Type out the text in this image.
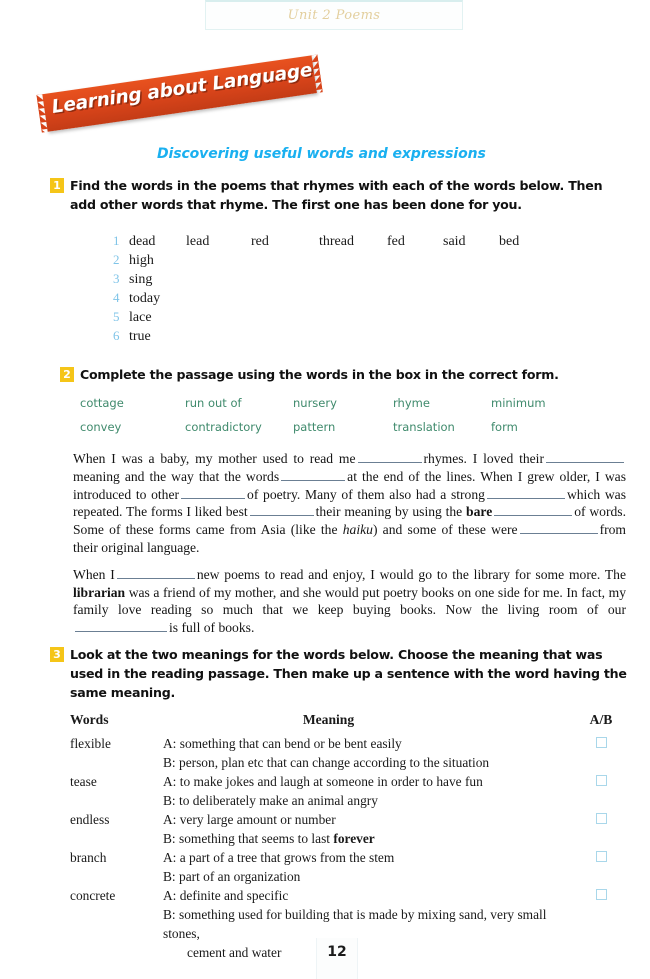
Unit 2 Poems
Learning about Language
Discovering useful words and expressions
1 Find the words in the poems that rhymes with each of the words below. Then add other words that rhyme. The first one has been done for you.
1 dead	lead	red	thread	fed	said	bed
2 high
3 sing
4 today
5 lace
6 true
2 Complete the passage using the words in the box in the correct form.
cottage	run out of	nursery	rhyme	minimum
convey	contradictory	pattern	translation	form

When I was a baby, my mother used to read me	rhymes. I loved theirmeaning and the way that the words	at the end of the lines. When I grew older, I was introduced to other	of poetry. Many of them also had a strong	which was repeated. The forms I liked best	their meaning by using the bare	of words. Some of these forms came from Asia (like the haiku) and some of these were	from their original language.

When I	new poems to read and enjoy, I would go to the library for some more. The librarian was a friend of my mother, and she would put poetry books on one side for me. In fact, my family love reading so much that we keep buying books. Now the living room of ouris full of books.

3 Look at the two meanings for the words below. Choose the meaning that was used in the reading passage. Then make up a sentence with the word having the same meaning.
Words	Meaning	A/B
flexible	A: something that can bend or be bent easily
B: person, plan etc that can change according to the situation
tease	A: to make jokes and laugh at someone in order to have fun
B: to deliberately make an animal angry
endless	A: very large amount or number
B: something that seems to last forever
branch	A: a part of a tree that grows from the stem
B: part of an organization
concrete	A: definite and specific
B: something used for building that is made by mixing sand, very small stones,
cement and water	12
